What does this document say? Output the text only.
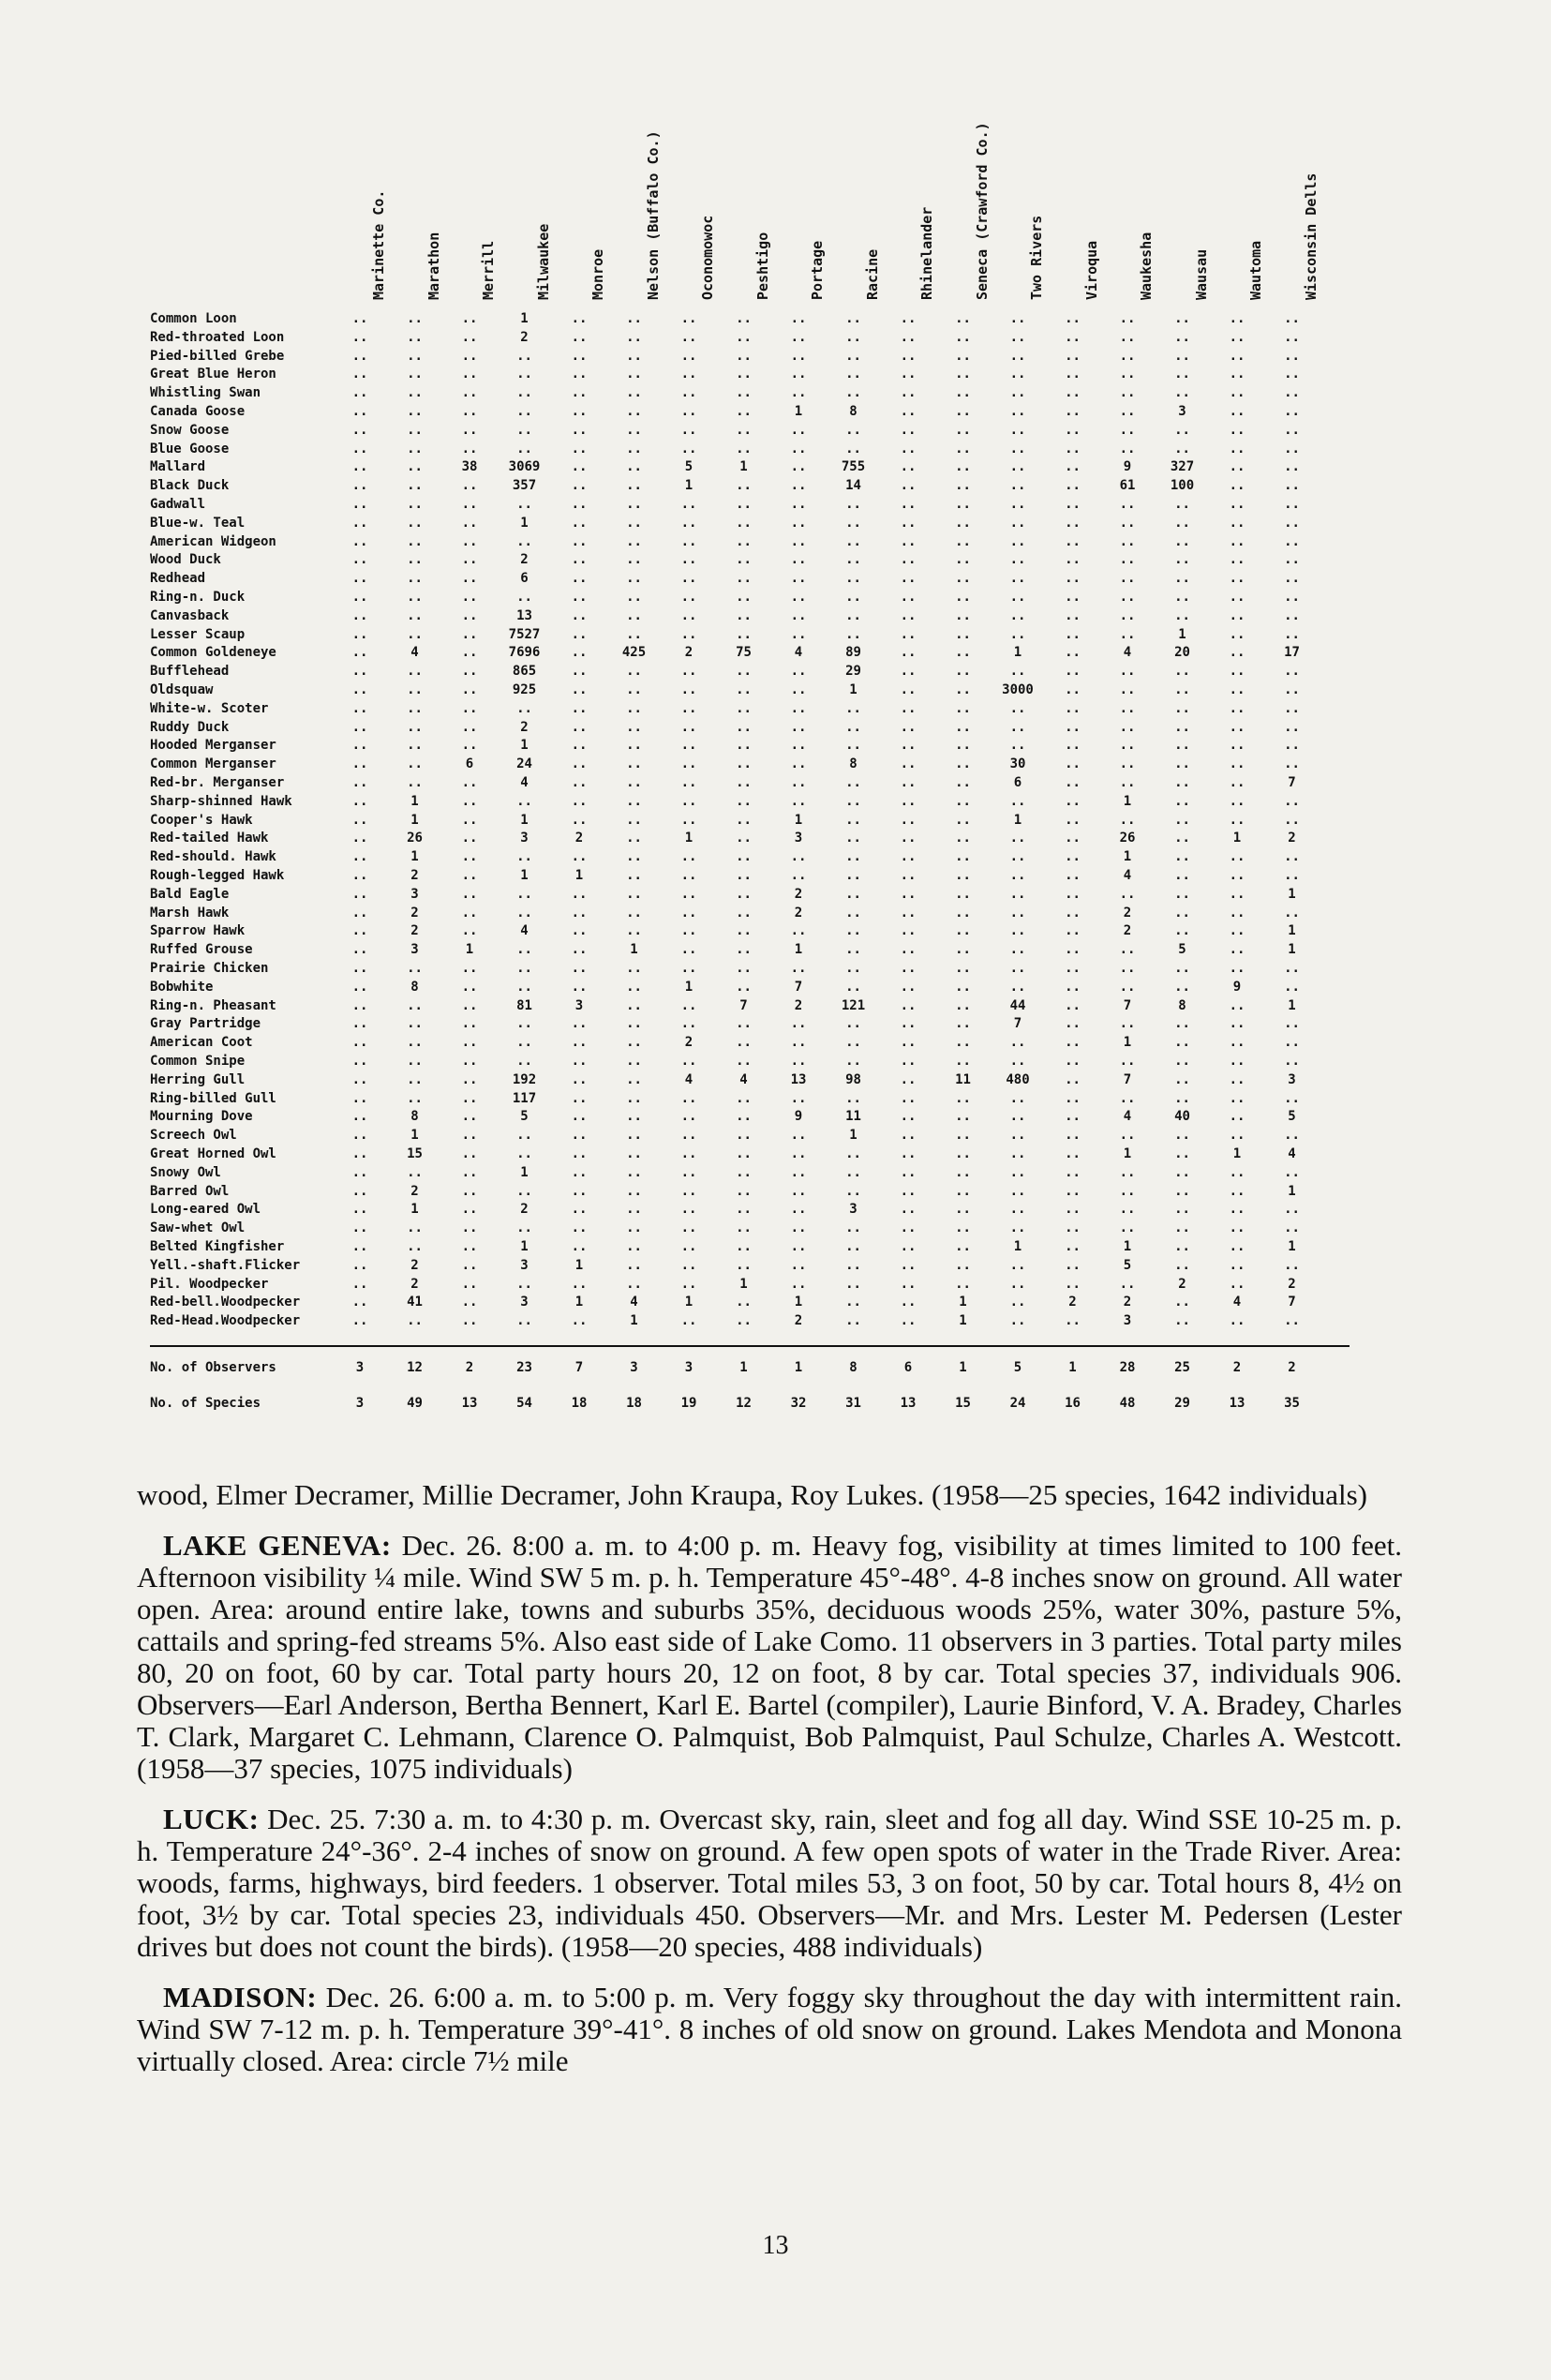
Marinette Co.	Marathon	Merrill	Milwaukee	Monroe	Nelson (Buffalo Co.)	Oconomowoc	Peshtigo	Portage	Racine	Rhinelander	Seneca (Crawford Co.)	Two Rivers	Viroqua	Waukesha	Wausau	Wautoma	Wisconsin Dells
Common Loon	..	..	..	1	..	..	..	..	..	..	..	..	..	..	..	..	..	..
Red-throated Loon	..	..	..	2	..	..	..	..	..	..	..	..	..	..	..	..	..	..
Pied-billed Grebe	..	..	..	..	..	..	..	..	..	..	..	..	..	..	..	..	..	..
Great Blue Heron	..	..	..	..	..	..	..	..	..	..	..	..	..	..	..	..	..	..
Whistling Swan	..	..	..	..	..	..	..	..	..	..	..	..	..	..	..	..	..	..
Canada Goose	..	..	..	..	..	..	..	..	1	8	..	..	..	..	..	3	..	..
Snow Goose	..	..	..	..	..	..	..	..	..	..	..	..	..	..	..	..	..	..
Blue Goose	..	..	..	..	..	..	..	..	..	..	..	..	..	..	..	..	..	..
Mallard	..	..	38	3069	..	..	5	1	..	755	..	..	..	..	9	327	..	..
Black Duck	..	..	..	357	..	..	1	..	..	14	..	..	..	..	61	100	..	..
Gadwall	..	..	..	..	..	..	..	..	..	..	..	..	..	..	..	..	..	..
Blue-w. Teal	..	..	..	1	..	..	..	..	..	..	..	..	..	..	..	..	..	..
American Widgeon	..	..	..	..	..	..	..	..	..	..	..	..	..	..	..	..	..	..
Wood Duck	..	..	..	2	..	..	..	..	..	..	..	..	..	..	..	..	..	..
Redhead	..	..	..	6	..	..	..	..	..	..	..	..	..	..	..	..	..	..
Ring-n. Duck	..	..	..	..	..	..	..	..	..	..	..	..	..	..	..	..	..	..
Canvasback	..	..	..	13	..	..	..	..	..	..	..	..	..	..	..	..	..	..
Lesser Scaup	..	..	..	7527	..	..	..	..	..	..	..	..	..	..	..	1	..	..
Common Goldeneye	..	4	..	7696	..	425	2	75	4	89	..	..	1	..	4	20	..	17
Bufflehead	..	..	..	865	..	..	..	..	..	29	..	..	..	..	..	..	..	..
Oldsquaw	..	..	..	925	..	..	..	..	..	1	..	..	3000	..	..	..	..	..
White-w. Scoter	..	..	..	..	..	..	..	..	..	..	..	..	..	..	..	..	..	..
Ruddy Duck	..	..	..	2	..	..	..	..	..	..	..	..	..	..	..	..	..	..
Hooded Merganser	..	..	..	1	..	..	..	..	..	..	..	..	..	..	..	..	..	..
Common Merganser	..	..	6	24	..	..	..	..	..	8	..	..	30	..	..	..	..	..
Red-br. Merganser	..	..	..	4	..	..	..	..	..	..	..	..	6	..	..	..	..	7
Sharp-shinned Hawk	..	1	..	..	..	..	..	..	..	..	..	..	..	..	1	..	..	..
Cooper's Hawk	..	1	..	1	..	..	..	..	1	..	..	..	1	..	..	..	..	..
Red-tailed Hawk	..	26	..	3	2	..	1	..	3	..	..	..	..	..	26	..	1	2
Red-should. Hawk	..	1	..	..	..	..	..	..	..	..	..	..	..	..	1	..	..	..
Rough-legged Hawk	..	2	..	1	1	..	..	..	..	..	..	..	..	..	4	..	..	..
Bald Eagle	..	3	..	..	..	..	..	..	2	..	..	..	..	..	..	..	..	1
Marsh Hawk	..	2	..	..	..	..	..	..	2	..	..	..	..	..	2	..	..	..
Sparrow Hawk	..	2	..	4	..	..	..	..	..	..	..	..	..	..	2	..	..	1
Ruffed Grouse	..	3	1	..	..	1	..	..	1	..	..	..	..	..	..	5	..	1
Prairie Chicken	..	..	..	..	..	..	..	..	..	..	..	..	..	..	..	..	..	..
Bobwhite	..	8	..	..	..	..	1	..	7	..	..	..	..	..	..	..	9	..
Ring-n. Pheasant	..	..	..	81	3	..	..	7	2	121	..	..	44	..	7	8	..	1
Gray Partridge	..	..	..	..	..	..	..	..	..	..	..	..	7	..	..	..	..	..
American Coot	..	..	..	..	..	..	2	..	..	..	..	..	..	..	1	..	..	..
Common Snipe	..	..	..	..	..	..	..	..	..	..	..	..	..	..	..	..	..	..
Herring Gull	..	..	..	192	..	..	4	4	13	98	..	11	480	..	7	..	..	3
Ring-billed Gull	..	..	..	117	..	..	..	..	..	..	..	..	..	..	..	..	..	..
Mourning Dove	..	8	..	5	..	..	..	..	9	11	..	..	..	..	4	40	..	5
Screech Owl	..	1	..	..	..	..	..	..	..	1	..	..	..	..	..	..	..	..
Great Horned Owl	..	15	..	..	..	..	..	..	..	..	..	..	..	..	1	..	1	4
Snowy Owl	..	..	..	1	..	..	..	..	..	..	..	..	..	..	..	..	..	..
Barred Owl	..	2	..	..	..	..	..	..	..	..	..	..	..	..	..	..	..	1
Long-eared Owl	..	1	..	2	..	..	..	..	..	3	..	..	..	..	..	..	..	..
Saw-whet Owl	..	..	..	..	..	..	..	..	..	..	..	..	..	..	..	..	..	..
Belted Kingfisher	..	..	..	1	..	..	..	..	..	..	..	..	1	..	1	..	..	1
Yell.-shaft.Flicker	..	2	..	3	1	..	..	..	..	..	..	..	..	..	5	..	..	..
Pil. Woodpecker	..	2	..	..	..	..	..	1	..	..	..	..	..	..	..	2	..	2
Red-bell.Woodpecker	..	41	..	3	1	4	1	..	1	..	..	1	..	2	2	..	4	7
Red-Head.Woodpecker	..	..	..	..	..	1	..	..	2	..	..	1	..	..	3	..	..	..
No. of Observers	3	12	2	23	7	3	3	1	1	8	6	1	5	1	28	25	2	2
No. of Species	3	49	13	54	18	18	19	12	32	31	13	15	24	16	48	29	13	35

wood, Elmer Decramer, Millie Decramer, John Kraupa, Roy Lukes. (1958—25 species, 1642 individuals)

LAKE GENEVA: Dec. 26. 8:00 a. m. to 4:00 p. m. Heavy fog, visibility at times limited to 100 feet. Afternoon visibility ¼ mile. Wind SW 5 m. p. h. Temperature 45°-48°. 4-8 inches snow on ground. All water open. Area: around entire lake, towns and suburbs 35%, deciduous woods 25%, water 30%, pasture 5%, cattails and spring-fed streams 5%. Also east side of Lake Como. 11 observers in 3 parties. Total party miles 80, 20 on foot, 60 by car. Total party hours 20, 12 on foot, 8 by car. Total species 37, individuals 906. Observers—Earl Anderson, Bertha Bennert, Karl E. Bartel (compiler), Laurie Binford, V. A. Bradey, Charles T. Clark, Margaret C. Lehmann, Clarence O. Palmquist, Bob Palmquist, Paul Schulze, Charles A. Westcott. (1958—37 species, 1075 individuals)

LUCK: Dec. 25. 7:30 a. m. to 4:30 p. m. Overcast sky, rain, sleet and fog all day. Wind SSE 10-25 m. p. h. Temperature 24°-36°. 2-4 inches of snow on ground. A few open spots of water in the Trade River. Area: woods, farms, highways, bird feeders. 1 observer. Total miles 53, 3 on foot, 50 by car. Total hours 8, 4½ on foot, 3½ by car. Total species 23, individuals 450. Observers—Mr. and Mrs. Lester M. Pedersen (Lester drives but does not count the birds). (1958—20 species, 488 individuals)

MADISON: Dec. 26. 6:00 a. m. to 5:00 p. m. Very foggy sky throughout the day with intermittent rain. Wind SW 7-12 m. p. h. Temperature 39°-41°. 8 inches of old snow on ground. Lakes Mendota and Monona virtually closed. Area: circle 7½ mile

13
